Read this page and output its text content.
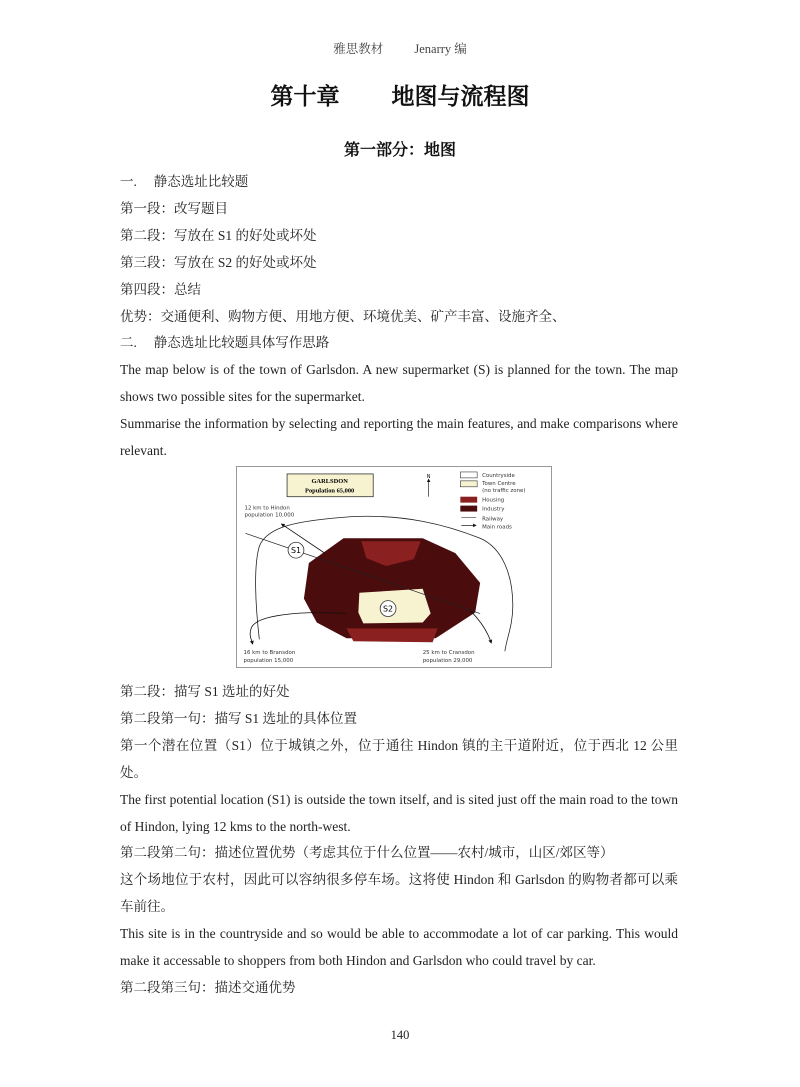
雅思教材 Jenarry 编
第十章 地图与流程图
第一部分：地图
一.　 静态选址比较题
第一段：改写题目
第二段：写放在 S1 的好处或坏处
第三段：写放在 S2 的好处或坏处
第四段：总结
优势：交通便利、购物方便、用地方便、环境优美、矿产丰富、设施齐全、
二.　 静态选址比较题具体写作思路
The map below is of the town of Garlsdon. A new supermarket (S) is planned for the town. The map shows two possible sites for the supermarket.
Summarise the information by selecting and reporting the main features, and make comparisons where relevant.
S1
S2
GARLSDON
Population 65,000
N	Countryside
Town Centre
(no traffic zone)
Housing
Industry
Railway
Main roads
12 km to Hindon
population 10,000
16 km to Bransdon
population 15,000
25 km to Cransdon
population 29,000
第二段：描写 S1 选址的好处
第二段第一句：描写 S1 选址的具体位置
第一个潜在位置（S1）位于城镇之外，位于通往 Hindon 镇的主干道附近，位于西北 12 公里处。
The first potential location (S1) is outside the town itself, and is sited just off the main road to the town of Hindon, lying 12 kms to the north-west.
第二段第二句：描述位置优势（考虑其位于什么位置——农村/城市，山区/郊区等）
这个场地位于农村，因此可以容纳很多停车场。这将使 Hindon 和 Garlsdon 的购物者都可以乘车前往。
This site is in the countryside and so would be able to accommodate a lot of car parking. This would make it accessable to shoppers from both Hindon and Garlsdon who could travel by car.
第二段第三句：描述交通优势
140
